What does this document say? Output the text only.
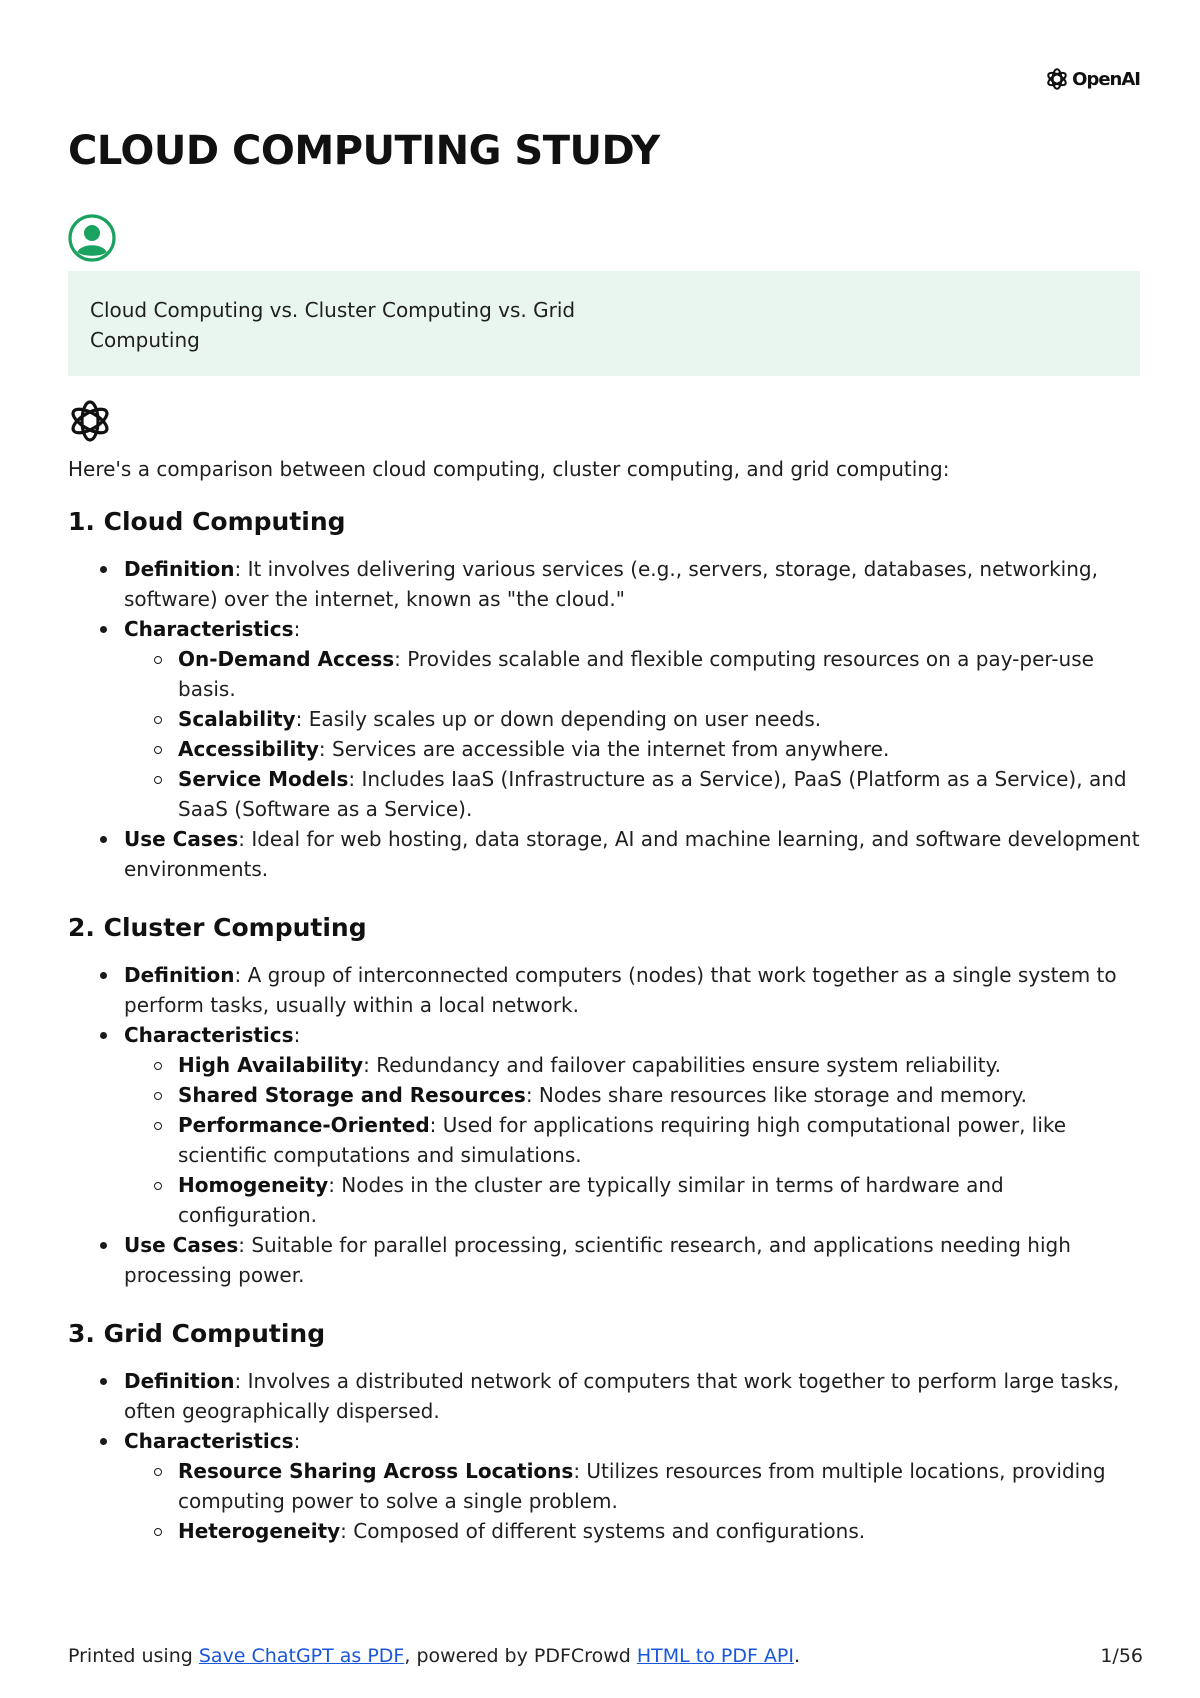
OpenAI
CLOUD COMPUTING STUDY
Cloud Computing vs. Cluster Computing vs. Grid
Computing

Here's a comparison between cloud computing, cluster computing, and grid computing:

1. Cloud Computing
Definition: It involves delivering various services (e.g., servers, storage, databases, networking, software) over the internet, known as "the cloud."
Characteristics:
On-Demand Access: Provides scalable and flexible computing resources on a pay-per-use basis.
Scalability: Easily scales up or down depending on user needs.
Accessibility: Services are accessible via the internet from anywhere.
Service Models: Includes IaaS (Infrastructure as a Service), PaaS (Platform as a Service), and SaaS (Software as a Service).
Use Cases: Ideal for web hosting, data storage, AI and machine learning, and software development environments.
2. Cluster Computing
Definition: A group of interconnected computers (nodes) that work together as a single system to perform tasks, usually within a local network.
Characteristics:
High Availability: Redundancy and failover capabilities ensure system reliability.
Shared Storage and Resources: Nodes share resources like storage and memory.
Performance-Oriented: Used for applications requiring high computational power, like scientific computations and simulations.
Homogeneity: Nodes in the cluster are typically similar in terms of hardware and configuration.
Use Cases: Suitable for parallel processing, scientific research, and applications needing high processing power.
3. Grid Computing
Definition: Involves a distributed network of computers that work together to perform large tasks, often geographically dispersed.
Characteristics:
Resource Sharing Across Locations: Utilizes resources from multiple locations, providing computing power to solve a single problem.
Heterogeneity: Composed of different systems and configurations.
Printed using Save ChatGPT as PDF, powered by PDFCrowd HTML to PDF API.	1/56
